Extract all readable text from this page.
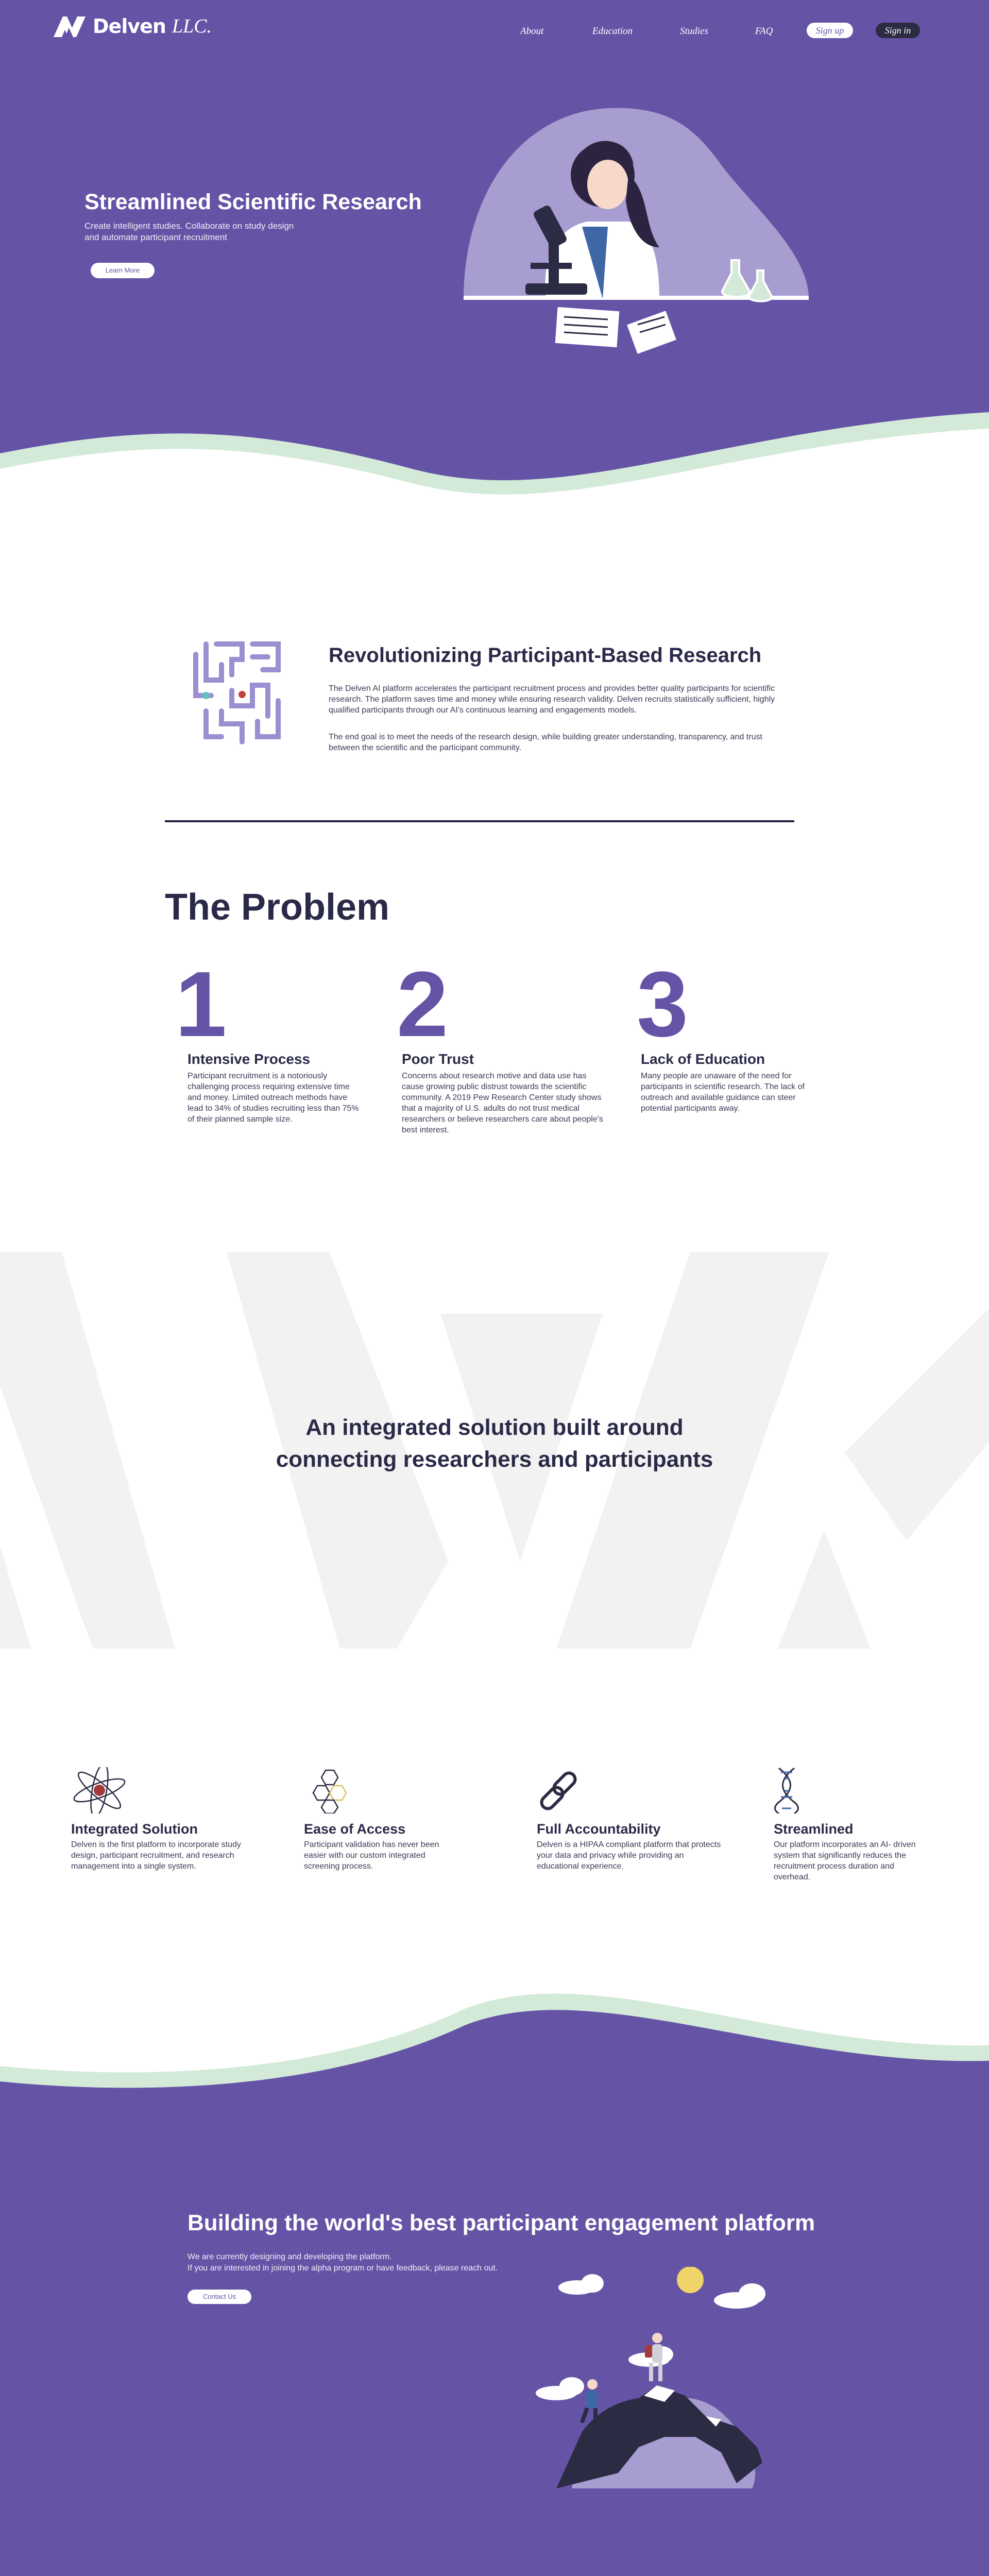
Delven LLC.	About	Education	Studies	FAQ	Sign up	Sign in
Streamlined Scientific Research
Create intelligent studies. Collaborate on study design
and automate participant recruitment
Learn More
Revolutionizing Participant-Based Research

The Delven AI platform accelerates the participant recruitment process and provides better quality participants for scientific research. The platform saves time and money while ensuring research validity. Delven recruits statistically sufficient, highly qualified participants through our AI's continuous learning and engagements models.

The end goal is to meet the needs of the research design, while building greater understanding, transparency, and trust between the scientific and the participant community.

The Problem
1
Intensive Process
Participant recruitment is a notoriously challenging process requiring extensive time and money. Limited outreach methods have lead to 34% of studies recruiting less than 75% of their planned sample size.
2
Poor Trust
Concerns about research motive and data use has cause growing public distrust towards the scientific community. A 2019 Pew Research Center study shows that a majority of U.S. adults do not trust medical researchers or believe researchers care about people's best interest.
3
Lack of Education
Many people are unaware of the need for participants in scientific research. The lack of outreach and available guidance can steer potential participants away.
An integrated solution built around
connecting researchers and participants
Integrated Solution
Delven is the first platform to incorporate study design, participant recruitment, and research management into a single system.
Ease of Access
Participant validation has never been easier with our custom integrated screening process.
Full Accountability
Delven is a HIPAA compliant platform that protects your data and privacy while providing an educational experience.
Streamlined
Our platform incorporates an AI- driven system that significantly reduces the recruitment process duration and overhead.
Building the world's best participant engagement platform
We are currently designing and developing the platform.
If you are interested in joining the alpha program or have feedback, please reach out.
Contact Us
